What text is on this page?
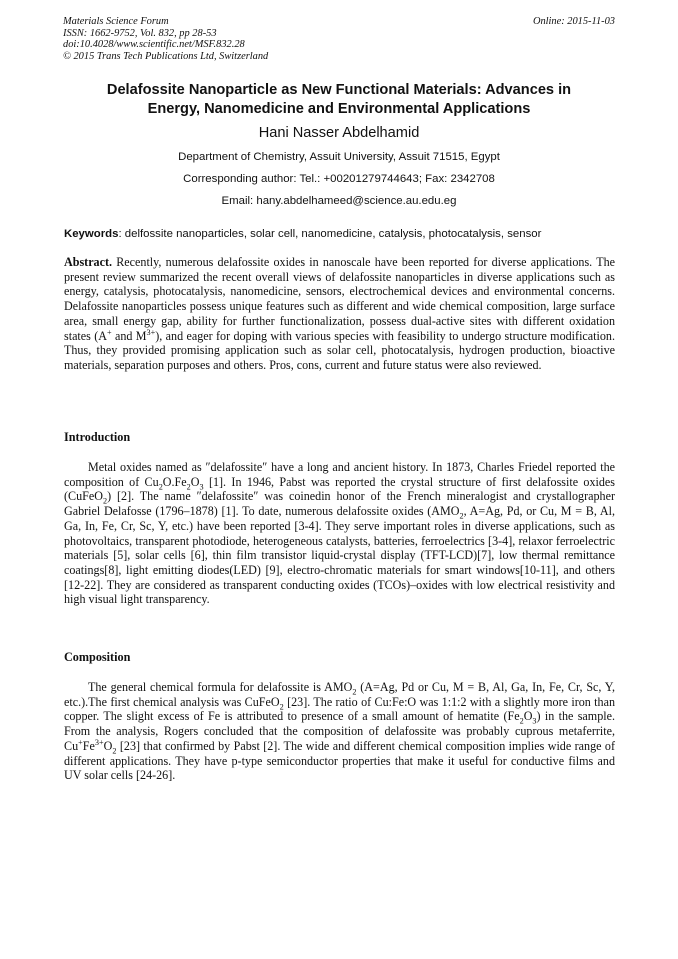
Materials Science Forum
ISSN: 1662-9752, Vol. 832, pp 28-53
doi:10.4028/www.scientific.net/MSF.832.28
© 2015 Trans Tech Publications Ltd, Switzerland
Online: 2015-11-03
Delafossite Nanoparticle as New Functional Materials: Advances in
Energy, Nanomedicine and Environmental Applications
Hani Nasser Abdelhamid
Department of Chemistry, Assuit University, Assuit 71515, Egypt
Corresponding author: Tel.: +00201279744643; Fax: 2342708
Email: hany.abdelhameed@science.au.edu.eg
Keywords: delfossite nanoparticles, solar cell, nanomedicine, catalysis, photocatalysis, sensor
Abstract. Recently, numerous delafossite oxides in nanoscale have been reported for diverse applications. The present review summarized the recent overall views of delafossite nanoparticles in diverse applications such as energy, catalysis, photocatalysis, nanomedicine, sensors, electrochemical devices and environmental concerns. Delafossite nanoparticles possess unique features such as different and wide chemical composition, large surface area, small energy gap, ability for further functionalization, possess dual-active sites with different oxidation states (A+ and $M^{3+}$), and eager for doping with various species with feasibility to undergo structure modification. Thus, they provided promising application such as solar cell, photocatalysis, hydrogen production, bioactive materials, separation purposes and others. Pros, cons, current and future status were also reviewed.
Introduction
Metal oxides named as ″delafossite″ have a long and ancient history. In 1873, Charles Friedel reported the composition of $Cu_2O.Fe_2O_3$ [1]. In 1946, Pabst was reported the crystal structure of first delafossite oxides (CuFeO$_2$) [2]. The name ″delafossite″ was coinedin honor of the French mineralogist and crystallographer Gabriel Delafosse (1796–1878) [1]. To date, numerous delafossite oxides ($AMO_2$, A=Ag, Pd, or Cu, M = B, Al, Ga, In, Fe, Cr, Sc, Y, etc.) have been reported [3-4]. They serve important roles in diverse applications, such as photovoltaics, transparent photodiode, heterogeneous catalysts, batteries, ferroelectrics [3-4], relaxor ferroelectric materials [5], solar cells [6], thin film transistor liquid-crystal display (TFT-LCD)[7], low thermal remittance coatings[8], light emitting diodes(LED) [9], electro-chromatic materials for smart windows[10-11], and others [12-22]. They are considered as transparent conducting oxides (TCOs)–oxides with low electrical resistivity and high visual light transparency.
Composition
The general chemical formula for delafossite is $AMO_2$ (A=Ag, Pd or Cu, M = B, Al, Ga, In, Fe, Cr, Sc, Y, etc.).The first chemical analysis was CuFeO$_2$ [23]. The ratio of Cu:Fe:O was 1:1:2 with a slightly more iron than copper. The slight excess of Fe is attributed to presence of a small amount of hematite $(Fe_2O_3)$ in the sample. From the analysis, Rogers concluded that the composition of delafossite was probably cuprous metaferrite, $Cu^+Fe^{3+}O_2$ [23] that confirmed by Pabst [2]. The wide and different chemical composition implies wide range of different applications. They have p-type semiconductor properties that make it useful for conductive films and UV solar cells [24-26].
